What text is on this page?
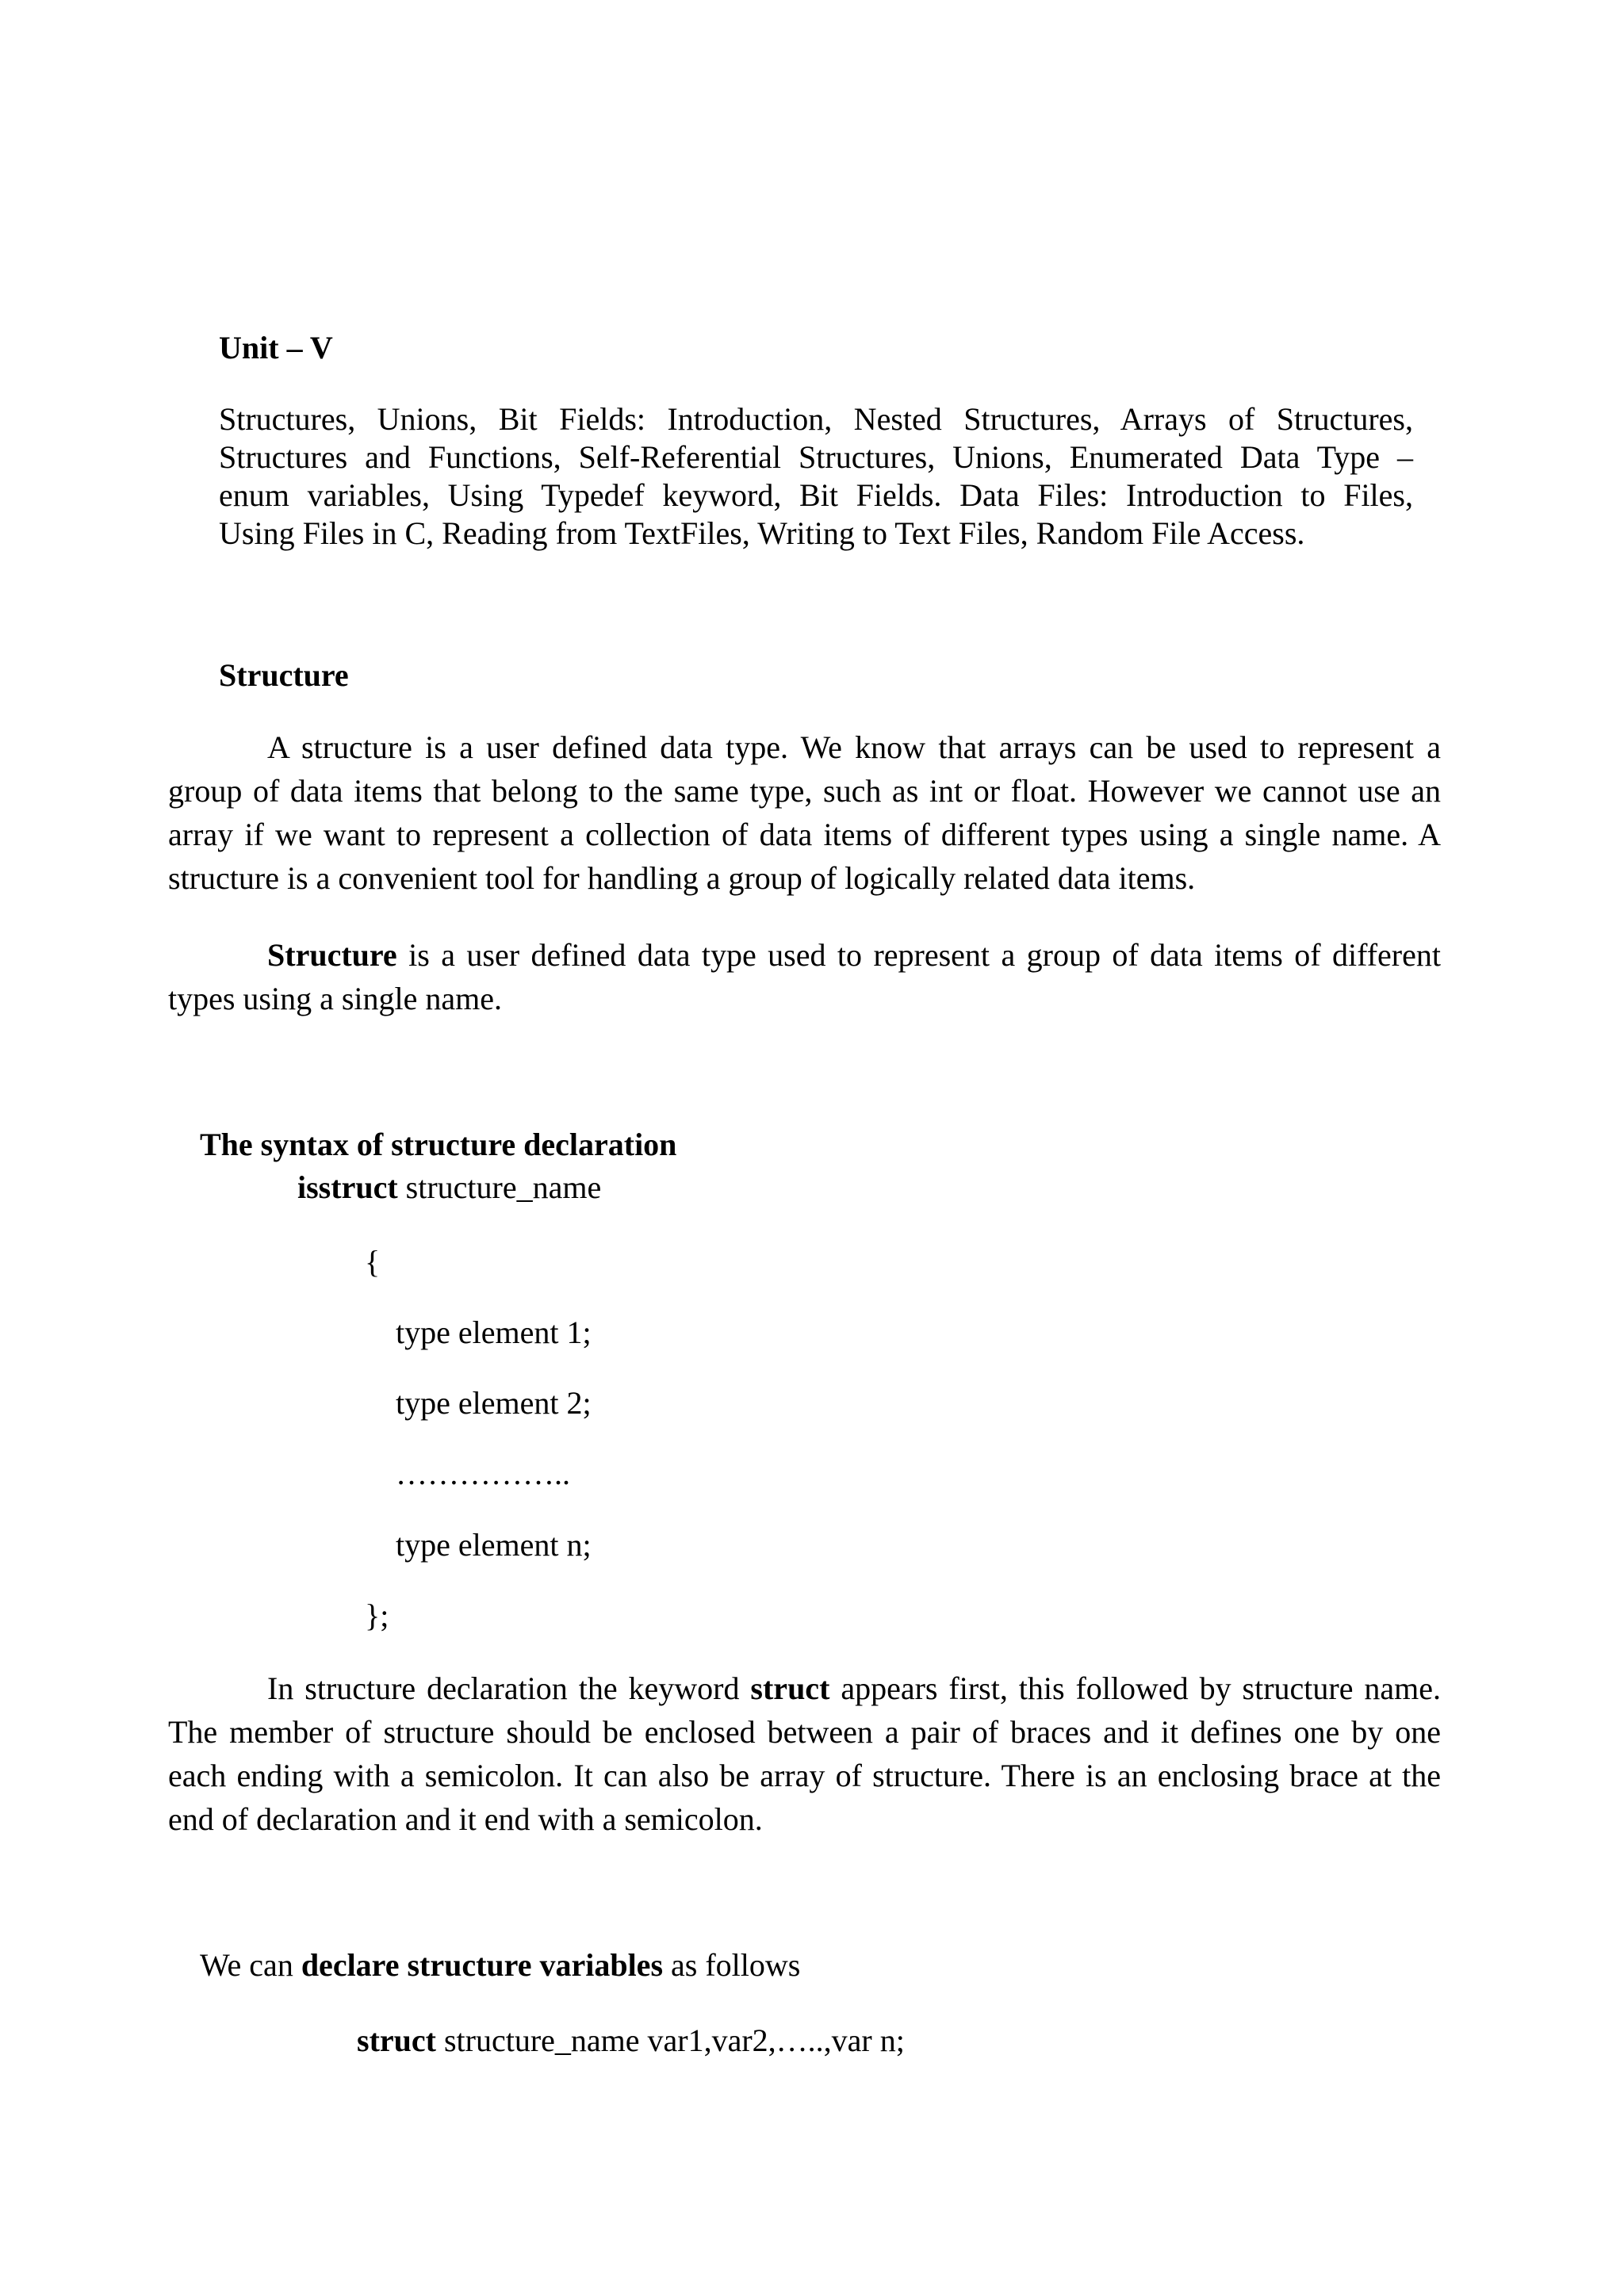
Unit – V
Structures, Unions, Bit Fields: Introduction, Nested Structures, Arrays of Structures,
Structures and Functions, Self-Referential Structures, Unions, Enumerated Data Type –
enum variables, Using Typedef keyword, Bit Fields. Data Files: Introduction to Files,
Using Files in C, Reading from TextFiles, Writing to Text Files, Random File Access.
Structure
A structure is a user defined data type. We know that arrays can be used to represent a
group of data items that belong to the same type, such as int or float. However we cannot use an
array if we want to represent a collection of data items of different types using a single name. A
structure is a convenient tool for handling a group of logically related data items.
Structure is a user defined data type used to represent a group of data items of different
types using a single name.
The syntax of structure declaration
isstruct structure_name
{
type element 1;
type element 2;
……………..
type element n;
};
In structure declaration the keyword struct appears first, this followed by structure name.
The member of structure should be enclosed between a pair of braces and it defines one by one
each ending with a semicolon. It can also be array of structure. There is an enclosing brace at the
end of declaration and it end with a semicolon.
We can declare structure variables as follows
struct structure_name var1,var2,…..,var n;
